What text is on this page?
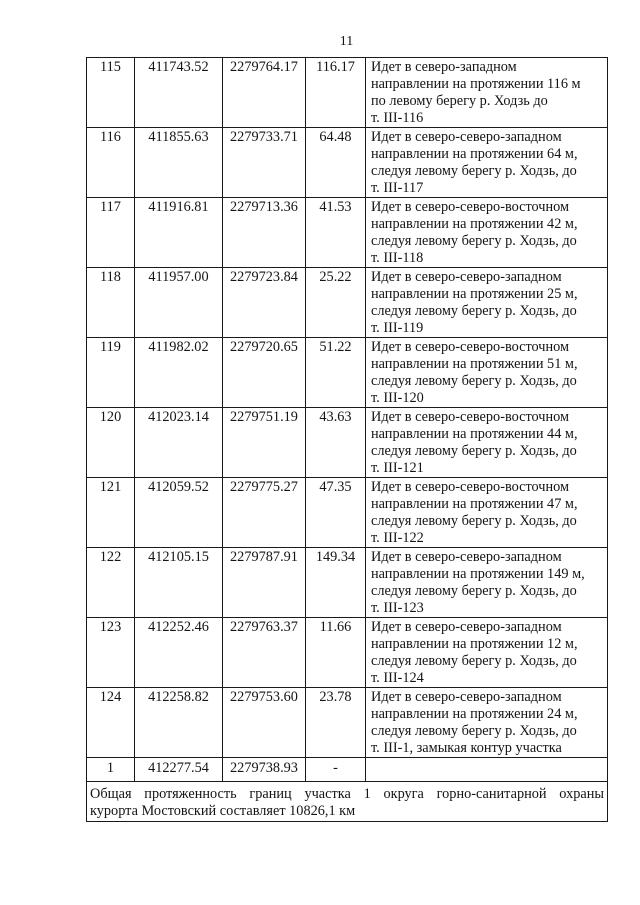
11
115	411743.52	2279764.17	116.17	Идет в северо-западном
направлении на протяжении 116 м
по левому берегу р. Ходзь до
т. III-116

116	411855.63	2279733.71	64.48	Идет в северо-северо-западном
направлении на протяжении 64 м,
следуя левому берегу р. Ходзь, до
т. III-117

117	411916.81	2279713.36	41.53	Идет в северо-северо-восточном
направлении на протяжении 42 м,
следуя левому берегу р. Ходзь, до
т. III-118

118	411957.00	2279723.84	25.22	Идет в северо-северо-западном
направлении на протяжении 25 м,
следуя левому берегу р. Ходзь, до
т. III-119

119	411982.02	2279720.65	51.22	Идет в северо-северо-восточном
направлении на протяжении 51 м,
следуя левому берегу р. Ходзь, до
т. III-120

120	412023.14	2279751.19	43.63	Идет в северо-северо-восточном
направлении на протяжении 44 м,
следуя левому берегу р. Ходзь, до
т. III-121

121	412059.52	2279775.27	47.35	Идет в северо-северо-восточном
направлении на протяжении 47 м,
следуя левому берегу р. Ходзь, до
т. III-122

122	412105.15	2279787.91	149.34	Идет в северо-северо-западном
направлении на протяжении 149 м,
следуя левому берегу р. Ходзь, до
т. III-123

123	412252.46	2279763.37	11.66	Идет в северо-северо-западном
направлении на протяжении 12 м,
следуя левому берегу р. Ходзь, до
т. III-124

124	412258.82	2279753.60	23.78	Идет в северо-северо-западном
направлении на протяжении 24 м,
следуя левому берегу р. Ходзь, до
т. III-1, замыкая контур участка

1	412277.54	2279738.93	-	

Общая протяженность границ участка 1 округа горно-санитарной охраны
курорта Мостовский составляет 10826,1 км				
